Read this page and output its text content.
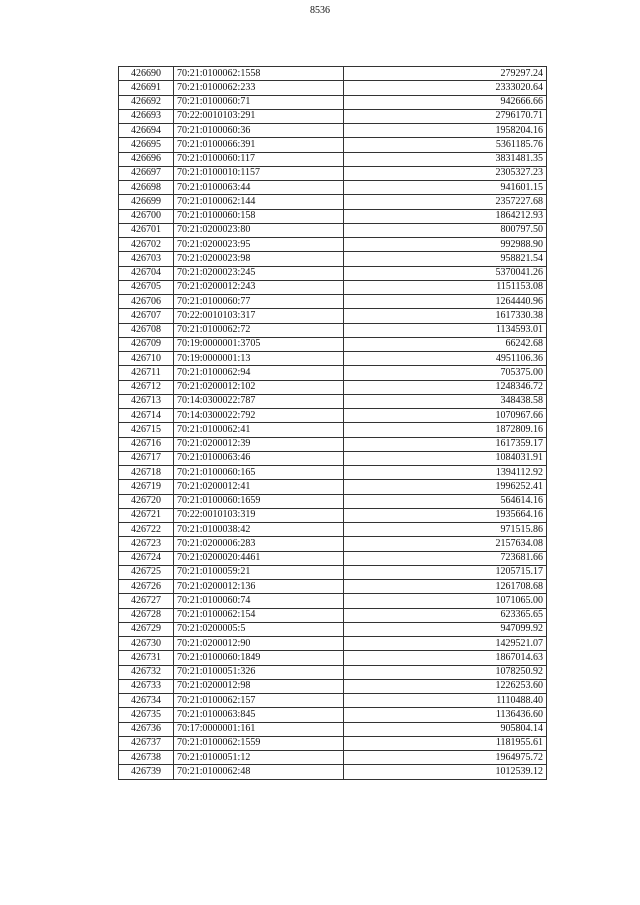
8536
426690	70:21:0100062:1558	279297.24
426691	70:21:0100062:233	2333020.64
426692	70:21:0100060:71	942666.66
426693	70:22:0010103:291	2796170.71
426694	70:21:0100060:36	1958204.16
426695	70:21:0100066:391	5361185.76
426696	70:21:0100060:117	3831481.35
426697	70:21:0100010:1157	2305327.23
426698	70:21:0100063:44	941601.15
426699	70:21:0100062:144	2357227.68
426700	70:21:0100060:158	1864212.93
426701	70:21:0200023:80	800797.50
426702	70:21:0200023:95	992988.90
426703	70:21:0200023:98	958821.54
426704	70:21:0200023:245	5370041.26
426705	70:21:0200012:243	1151153.08
426706	70:21:0100060:77	1264440.96
426707	70:22:0010103:317	1617330.38
426708	70:21:0100062:72	1134593.01
426709	70:19:0000001:3705	66242.68
426710	70:19:0000001:13	4951106.36
426711	70:21:0100062:94	705375.00
426712	70:21:0200012:102	1248346.72
426713	70:14:0300022:787	348438.58
426714	70:14:0300022:792	1070967.66
426715	70:21:0100062:41	1872809.16
426716	70:21:0200012:39	1617359.17
426717	70:21:0100063:46	1084031.91
426718	70:21:0100060:165	1394112.92
426719	70:21:0200012:41	1996252.41
426720	70:21:0100060:1659	564614.16
426721	70:22:0010103:319	1935664.16
426722	70:21:0100038:42	971515.86
426723	70:21:0200006:283	2157634.08
426724	70:21:0200020:4461	723681.66
426725	70:21:0100059:21	1205715.17
426726	70:21:0200012:136	1261708.68
426727	70:21:0100060:74	1071065.00
426728	70:21:0100062:154	623365.65
426729	70:21:0200005:5	947099.92
426730	70:21:0200012:90	1429521.07
426731	70:21:0100060:1849	1867014.63
426732	70:21:0100051:326	1078250.92
426733	70:21:0200012:98	1226253.60
426734	70:21:0100062:157	1110488.40
426735	70:21:0100063:845	1136436.60
426736	70:17:0000001:161	905804.14
426737	70:21:0100062:1559	1181955.61
426738	70:21:0100051:12	1964975.72
426739	70:21:0100062:48	1012539.12
